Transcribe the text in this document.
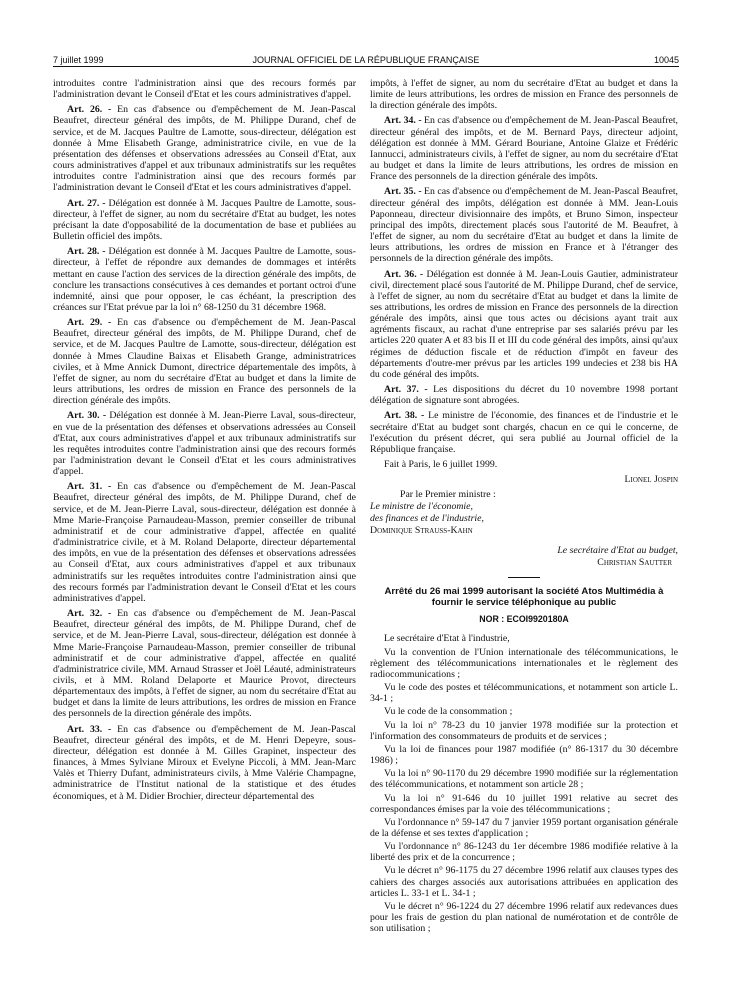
7 juillet 1999	JOURNAL OFFICIEL DE LA RÉPUBLIQUE FRANÇAISE	10045

introduites contre l'administration ainsi que des recours formés par l'administration devant le Conseil d'Etat et les cours administratives d'appel.

Art. 26. - En cas d'absence ou d'empêchement de M. Jean-Pascal Beaufret, directeur général des impôts, de M. Philippe Durand, chef de service, et de M. Jacques Paultre de Lamotte, sous-directeur, délégation est donnée à Mme Elisabeth Grange, administratrice civile, en vue de la présentation des défenses et observations adressées au Conseil d'Etat, aux cours administratives d'appel et aux tribunaux administratifs sur les requêtes introduites contre l'administration ainsi que des recours formés par l'administration devant le Conseil d'Etat et les cours administratives d'appel.

Art. 27. - Délégation est donnée à M. Jacques Paultre de Lamotte, sous-directeur, à l'effet de signer, au nom du secrétaire d'Etat au budget, les notes précisant la date d'opposabilité de la documentation de base et publiées au Bulletin officiel des impôts.

Art. 28. - Délégation est donnée à M. Jacques Paultre de Lamotte, sous-directeur, à l'effet de répondre aux demandes de dommages et intérêts mettant en cause l'action des services de la direction générale des impôts, de conclure les transactions consécutives à ces demandes et portant octroi d'une indemnité, ainsi que pour opposer, le cas échéant, la prescription des créances sur l'Etat prévue par la loi n° 68-1250 du 31 décembre 1968.

Art. 29. - En cas d'absence ou d'empêchement de M. Jean-Pascal Beaufret, directeur général des impôts, de M. Philippe Durand, chef de service, et de M. Jacques Paultre de Lamotte, sous-directeur, délégation est donnée à Mmes Claudine Baixas et Elisabeth Grange, administratrices civiles, et à Mme Annick Dumont, directrice départementale des impôts, à l'effet de signer, au nom du secrétaire d'Etat au budget et dans la limite de leurs attributions, les ordres de mission en France des personnels de la direction générale des impôts.

Art. 30. - Délégation est donnée à M. Jean-Pierre Laval, sous-directeur, en vue de la présentation des défenses et observations adressées au Conseil d'Etat, aux cours administratives d'appel et aux tribunaux administratifs sur les requêtes introduites contre l'administration ainsi que des recours formés par l'administration devant le Conseil d'Etat et les cours administratives d'appel.

Art. 31. - En cas d'absence ou d'empêchement de M. Jean-Pascal Beaufret, directeur général des impôts, de M. Philippe Durand, chef de service, et de M. Jean-Pierre Laval, sous-directeur, délégation est donnée à Mme Marie-Françoise Parnaudeau-Masson, premier conseiller de tribunal administratif et de cour administrative d'appel, affectée en qualité d'administratrice civile, et à M. Roland Delaporte, directeur départemental des impôts, en vue de la présentation des défenses et observations adressées au Conseil d'Etat, aux cours administratives d'appel et aux tribunaux administratifs sur les requêtes introduites contre l'administration ainsi que des recours formés par l'administration devant le Conseil d'Etat et les cours administratives d'appel.

Art. 32. - En cas d'absence ou d'empêchement de M. Jean-Pascal Beaufret, directeur général des impôts, de M. Philippe Durand, chef de service, et de M. Jean-Pierre Laval, sous-directeur, délégation est donnée à Mme Marie-Françoise Parnaudeau-Masson, premier conseiller de tribunal administratif et de cour administrative d'appel, affectée en qualité d'administratrice civile, MM. Arnaud Strasser et Joël Léauté, administrateurs civils, et à MM. Roland Delaporte et Maurice Provot, directeurs départementaux des impôts, à l'effet de signer, au nom du secrétaire d'Etat au budget et dans la limite de leurs attributions, les ordres de mission en France des personnels de la direction générale des impôts.

Art. 33. - En cas d'absence ou d'empêchement de M. Jean-Pascal Beaufret, directeur général des impôts, et de M. Henri Depeyre, sous-directeur, délégation est donnée à M. Gilles Grapinet, inspecteur des finances, à Mmes Sylviane Miroux et Evelyne Piccoli, à MM. Jean-Marc Valès et Thierry Dufant, administrateurs civils, à Mme Valérie Champagne, administratrice de l'Institut national de la statistique et des études économiques, et à M. Didier Brochier, directeur départemental des

impôts, à l'effet de signer, au nom du secrétaire d'Etat au budget et dans la limite de leurs attributions, les ordres de mission en France des personnels de la direction générale des impôts.

Art. 34. - En cas d'absence ou d'empêchement de M. Jean-Pascal Beaufret, directeur général des impôts, et de M. Bernard Pays, directeur adjoint, délégation est donnée à MM. Gérard Bouriane, Antoine Glaize et Frédéric Iannucci, administrateurs civils, à l'effet de signer, au nom du secrétaire d'Etat au budget et dans la limite de leurs attributions, les ordres de mission en France des personnels de la direction générale des impôts.

Art. 35. - En cas d'absence ou d'empêchement de M. Jean-Pascal Beaufret, directeur général des impôts, délégation est donnée à MM. Jean-Louis Paponneau, directeur divisionnaire des impôts, et Bruno Simon, inspecteur principal des impôts, directement placés sous l'autorité de M. Beaufret, à l'effet de signer, au nom du secrétaire d'Etat au budget et dans la limite de leurs attributions, les ordres de mission en France et à l'étranger des personnels de la direction générale des impôts.

Art. 36. - Délégation est donnée à M. Jean-Louis Gautier, administrateur civil, directement placé sous l'autorité de M. Philippe Durand, chef de service, à l'effet de signer, au nom du secrétaire d'Etat au budget et dans la limite de ses attributions, les ordres de mission en France des personnels de la direction générale des impôts, ainsi que tous actes ou décisions ayant trait aux agréments fiscaux, au rachat d'une entreprise par ses salariés prévu par les articles 220 quater A et 83 bis II et III du code général des impôts, ainsi qu'aux régimes de déduction fiscale et de réduction d'impôt en faveur des départements d'outre-mer prévus par les articles 199 undecies et 238 bis HA du code général des impôts.

Art. 37. - Les dispositions du décret du 10 novembre 1998 portant délégation de signature sont abrogées.

Art. 38. - Le ministre de l'économie, des finances et de l'industrie et le secrétaire d'Etat au budget sont chargés, chacun en ce qui le concerne, de l'exécution du présent décret, qui sera publié au Journal officiel de la République française.

Fait à Paris, le 6 juillet 1999.

Lionel Jospin

Par le Premier ministre :
Le ministre de l'économie,
des finances et de l'industrie,
Dominique Strauss-Kahn
Le secrétaire d'Etat au budget,
Christian Sautter
Arrêté du 26 mai 1999 autorisant la société Atos Multimédia à fournir le service téléphonique au public
NOR : ECOI9920180A

Le secrétaire d'Etat à l'industrie,

Vu la convention de l'Union internationale des télécommunications, le règlement des télécommunications internationales et le règlement des radiocommunications ;

Vu le code des postes et télécommunications, et notamment son article L. 34-1 ;

Vu le code de la consommation ;

Vu la loi n° 78-23 du 10 janvier 1978 modifiée sur la protection et l'information des consommateurs de produits et de services ;

Vu la loi de finances pour 1987 modifiée (n° 86-1317 du 30 décembre 1986) ;

Vu la loi n° 90-1170 du 29 décembre 1990 modifiée sur la réglementation des télécommunications, et notamment son article 28 ;

Vu la loi n° 91-646 du 10 juillet 1991 relative au secret des correspondances émises par la voie des télécommunications ;

Vu l'ordonnance n° 59-147 du 7 janvier 1959 portant organisation générale de la défense et ses textes d'application ;

Vu l'ordonnance n° 86-1243 du 1er décembre 1986 modifiée relative à la liberté des prix et de la concurrence ;

Vu le décret n° 96-1175 du 27 décembre 1996 relatif aux clauses types des cahiers des charges associés aux autorisations attribuées en application des articles L. 33-1 et L. 34-1 ;

Vu le décret n° 96-1224 du 27 décembre 1996 relatif aux redevances dues pour les frais de gestion du plan national de numérotation et de contrôle de son utilisation ;
